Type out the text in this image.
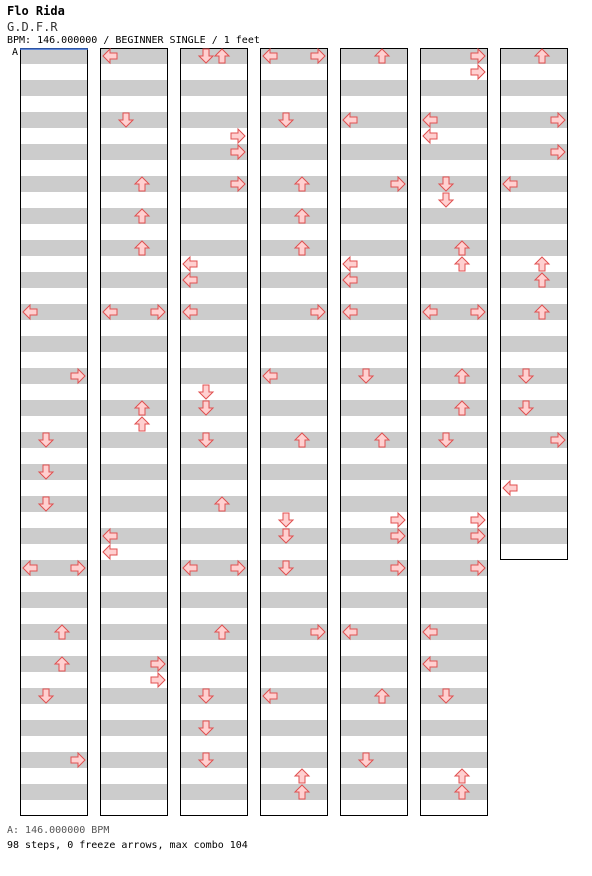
Flo Rida
G.D.F.R
BPM: 146.000000 / BEGINNER SINGLE / 1 feet
A
A: 146.000000 BPM
98 steps, 0 freeze arrows, max combo 104
